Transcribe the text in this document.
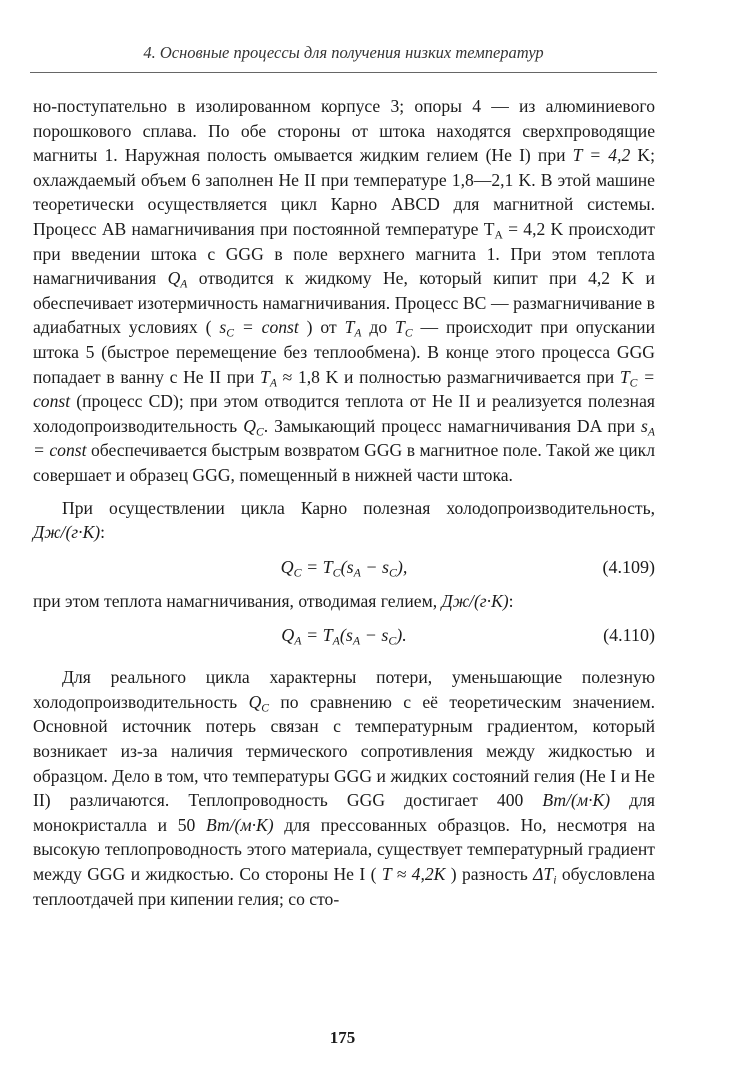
4. Основные процессы для получения низких температур

но-поступательно в изолированном корпусе 3; опоры 4 — из алюминиевого порошкового сплава. По обе стороны от штока находятся сверхпроводящие магниты 1. Наружная полость омывается жидким гелием (He I) при T = 4,2 K; охлаждаемый объем 6 заполнен He II при температуре 1,8—2,1 K. В этой машине теоретически осуществляется цикл Карно ABCD для магнитной системы. Процесс AB намагничивания при постоянной температуре $T_A = 4,2$ K происходит при введении штока с GGG в поле верхнего магнита 1. При этом теплота намагничивания $Q_A$ отводится к жидкому He, который кипит при 4,2 K и обеспечивает изотермичность намагничивания. Процесс BC — размагничивание в адиабатных условиях ( $s_C$ = const ) от $T_A$ до $T_C$ — происходит при опускании штока 5 (быстрое перемещение без теплообмена). В конце этого процесса GGG попадает в ванну с He II при $T_A \approx 1,8$ K и полностью размагничивается при $T_C$ = const (процесс CD); при этом отводится теплота от He II и реализуется полезная холодопроизводительность $Q_C$. Замыкающий процесс намагничивания DA при $s_A$ = const обеспечивается быстрым возвратом GGG в магнитное поле. Такой же цикл совершает и образец GGG, помещенный в нижней части штока.

При осуществлении цикла Карно полезная холодопроизводительность, Дж/(г·K):

$Q_C = T_C(s_A - s_C)$,	(4.109)

при этом теплота намагничивания, отводимая гелием, Дж/(г·K):

$Q_A = T_A(s_A - s_C)$.	(4.110)

Для реального цикла характерны потери, уменьшающие полезную холодопроизводительность $Q_C$ по сравнению с её теоретическим значением. Основной источник потерь связан с температурным градиентом, который возникает из-за наличия термического сопротивления между жидкостью и образцом. Дело в том, что температуры GGG и жидких состояний гелия (He I и He II) различаются. Теплопроводность GGG достигает 400 Вт/(м·K) для монокристалла и 50 Вт/(м·K) для прессованных образцов. Но, несмотря на высокую теплопроводность этого материала, существует температурный градиент между GGG и жидкостью. Со стороны He I ( T ≈ 4,2K ) разность $\Delta T_i$ обусловлена теплоотдачей при кипении гелия; со сто-

175
